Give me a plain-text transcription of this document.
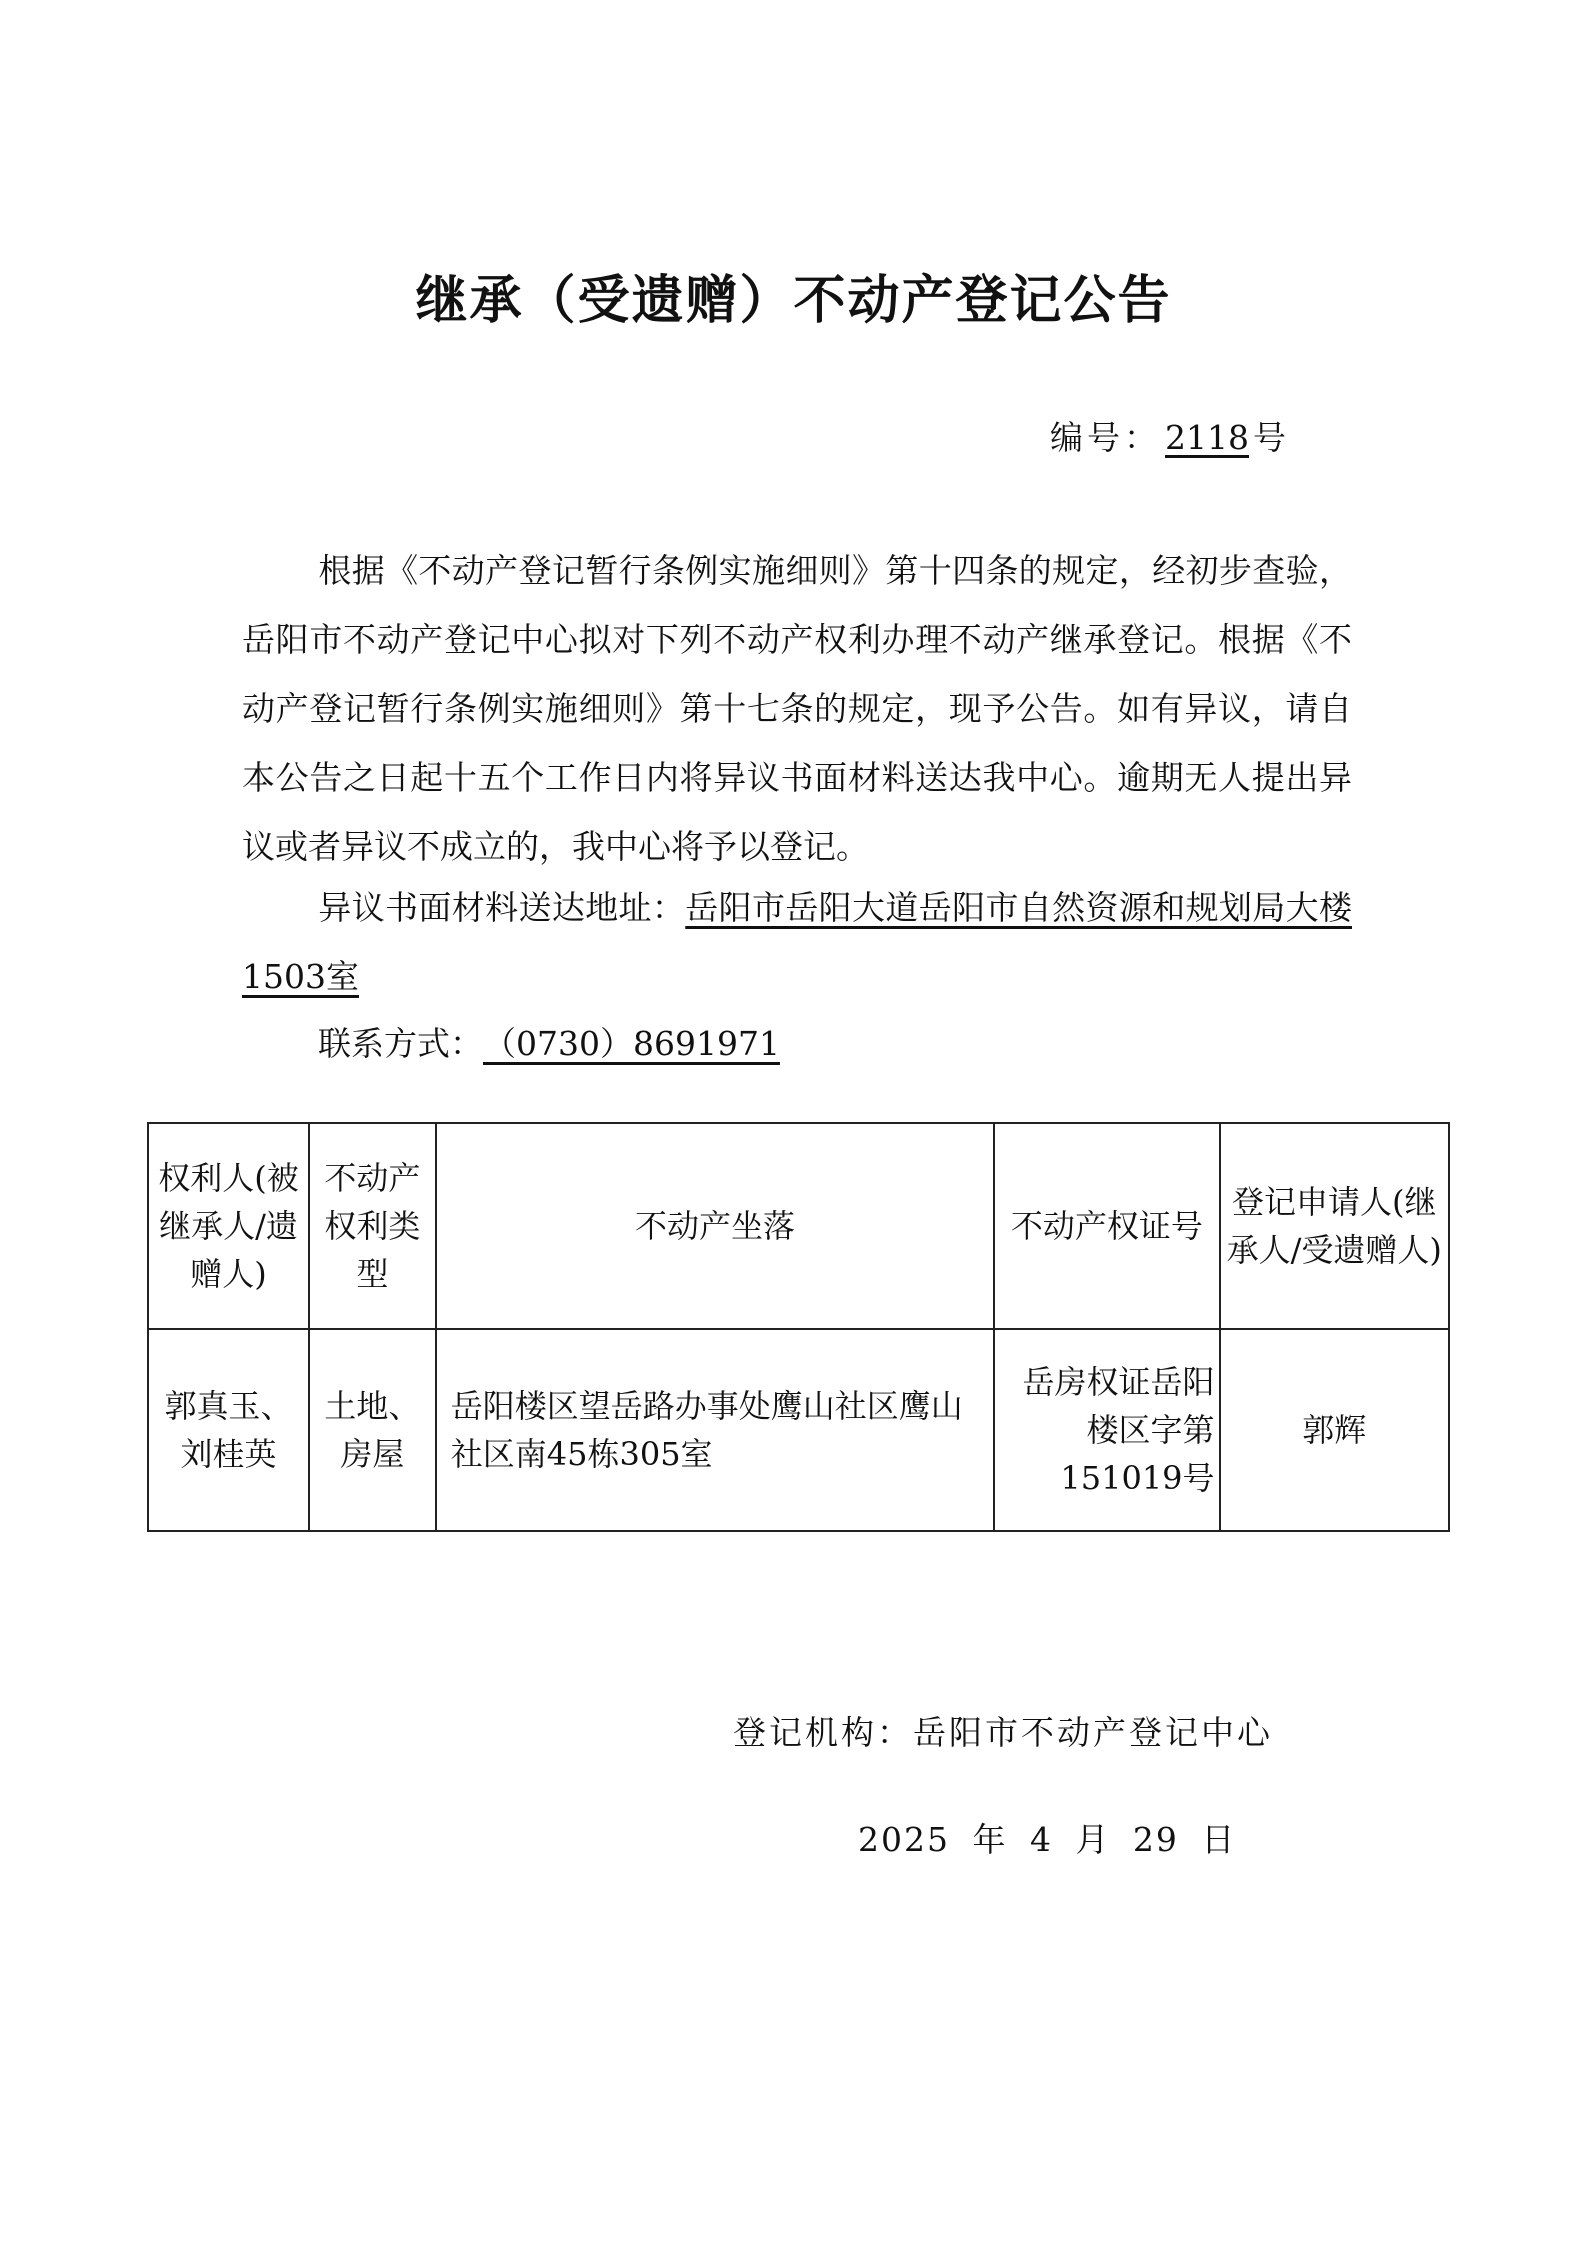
继承（受遗赠）不动产登记公告
编号： 2118 号
根据《不动产登记暂行条例实施细则》第十四条的规定，经初步查验，岳阳市不动产登记中心拟对下列不动产权利办理不动产继承登记。根据《不动产登记暂行条例实施细则》第十七条的规定，现予公告。如有异议，请自本公告之日起十五个工作日内将异议书面材料送达我中心。逾期无人提出异议或者异议不成立的，我中心将予以登记。
异议书面材料送达地址：岳阳市岳阳大道岳阳市自然资源和规划局大楼1503室
联系方式：（0730）8691971
权利人(被继承人/遗赠人)	不动产权利类型	不动产坐落	不动产权证号	登记申请人(继承人/受遗赠人)
郭真玉、刘桂英	土地、房屋	岳阳楼区望岳路办事处鹰山社区鹰山社区南45栋305室	岳房权证岳阳楼区字第151019号	郭辉
登记机构：岳阳市不动产登记中心
2025 年 4 月 29 日
